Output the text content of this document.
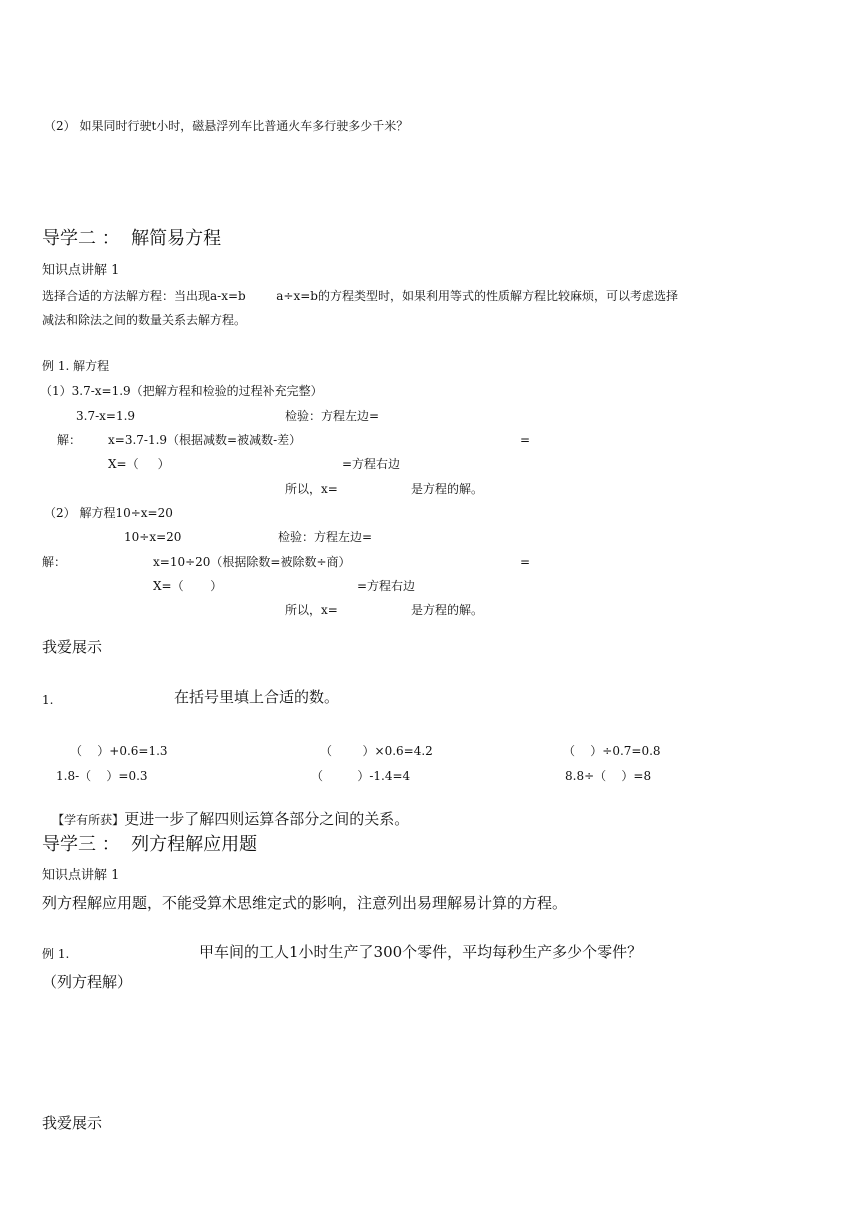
（2） 如果同时行驶t小时，磁悬浮列车比普通火车多行驶多少千米？
导学二 ：  解简易方程
知识点讲解 1
选择合适的方法解方程：当出现a-x=b        a÷x=b的方程类型时，如果利用等式的性质解方程比较麻烦，可以考虑选择
减法和除法之间的数量关系去解方程。
例 1. 解方程
（1）3.7-x=1.9（把解方程和检验的过程补充完整）
3.7-x=1.9	检验：方程左边=
解： x=3.7-1.9（根据减数=被减数-差）	=
X=（     ）	=方程右边
所以，x=	是方程的解。
（2） 解方程10÷x=20
10÷x=20	检验：方程左边=
解：	x=10÷20（根据除数=被除数÷商）	=
X=（       ）	=方程右边
所以，x=	是方程的解。
我爱展示
1.	在括号里填上合适的数。
（    ）+0.6=1.3	（        ）×0.6=4.2	（    ）÷0.7=0.8
1.8-（    ）=0.3	（         ）-1.4=4	8.8÷（    ）=8

【学有所获】更进一步了解四则运算各部分之间的关系。

导学三 ：  列方程解应用题
知识点讲解 1
列方程解应用题，不能受算术思维定式的影响，注意列出易理解易计算的方程。
例 1.	甲车间的工人1小时生产了300个零件，平均每秒生产多少个零件？
（列方程解）
我爱展示
